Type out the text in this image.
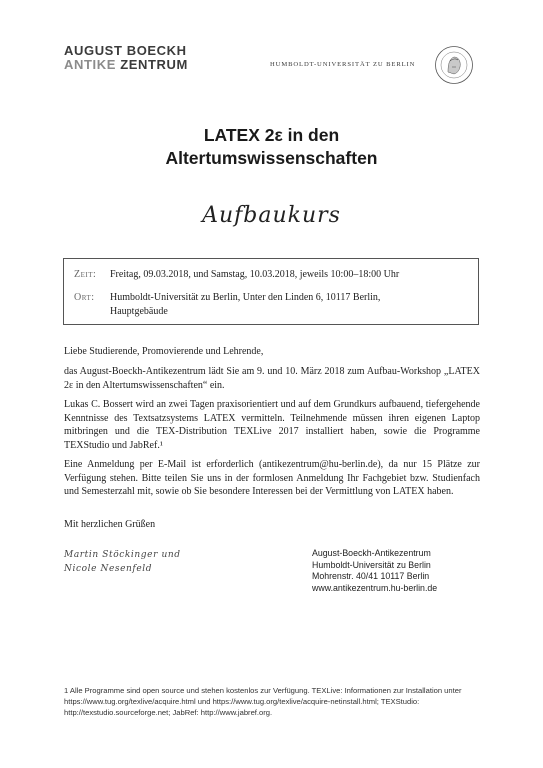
AUGUST BOECKH
ANTIKE ZENTRUM	HUMBOLDT-UNIVERSITÄT ZU BERLIN
LATEX 2ε in den
Altertumswissenschaften
Aufbaukurs
Zeit: Freitag, 09.03.2018, und Samstag, 10.03.2018, jeweils 10:00–18:00 Uhr
Ort: Humboldt-Universität zu Berlin, Unter den Linden 6, 10117 Berlin,
Hauptgebäude
Liebe Studierende, Promovierende und Lehrende,
das August-Boeckh-Antikezentrum lädt Sie am 9. und 10. März 2018 zum Aufbau-Workshop „LATEX 2ε in den Altertumswissenschaften“ ein.
Lukas C. Bossert wird an zwei Tagen praxisorientiert und auf dem Grundkurs aufbauend, tiefergehende Kenntnisse des Textsatzsystems LATEX vermitteln. Teilnehmende müssen ihren eigenen Laptop mitbringen und die TEX-Distribution TEXLive 2017 installiert haben, sowie die Programme TEXStudio und JabRef.¹
Eine Anmeldung per E-Mail ist erforderlich (antikezentrum@hu-berlin.de), da nur 15 Plätze zur Verfügung stehen. Bitte teilen Sie uns in der formlosen Anmeldung Ihr Fachgebiet bzw. Studienfach und Semesterzahl mit, sowie ob Sie besondere Interessen bei der Vermittlung von LATEX haben.
Mit herzlichen Grüßen
Martin Stöckinger und
Nicole Nesenfeld
August-Boeckh-Antikezentrum
Humboldt-Universität zu Berlin
Mohrenstr. 40/41 10117 Berlin
www.antikezentrum.hu-berlin.de
1 Alle Programme sind open source und stehen kostenlos zur Verfügung. TEXLive: Informationen zur Installation unter https://www.tug.org/texlive/acquire.html und https://www.tug.org/texlive/acquire-netinstall.html; TEXStudio: http://texstudio.sourceforge.net; JabRef: http://www.jabref.org.
